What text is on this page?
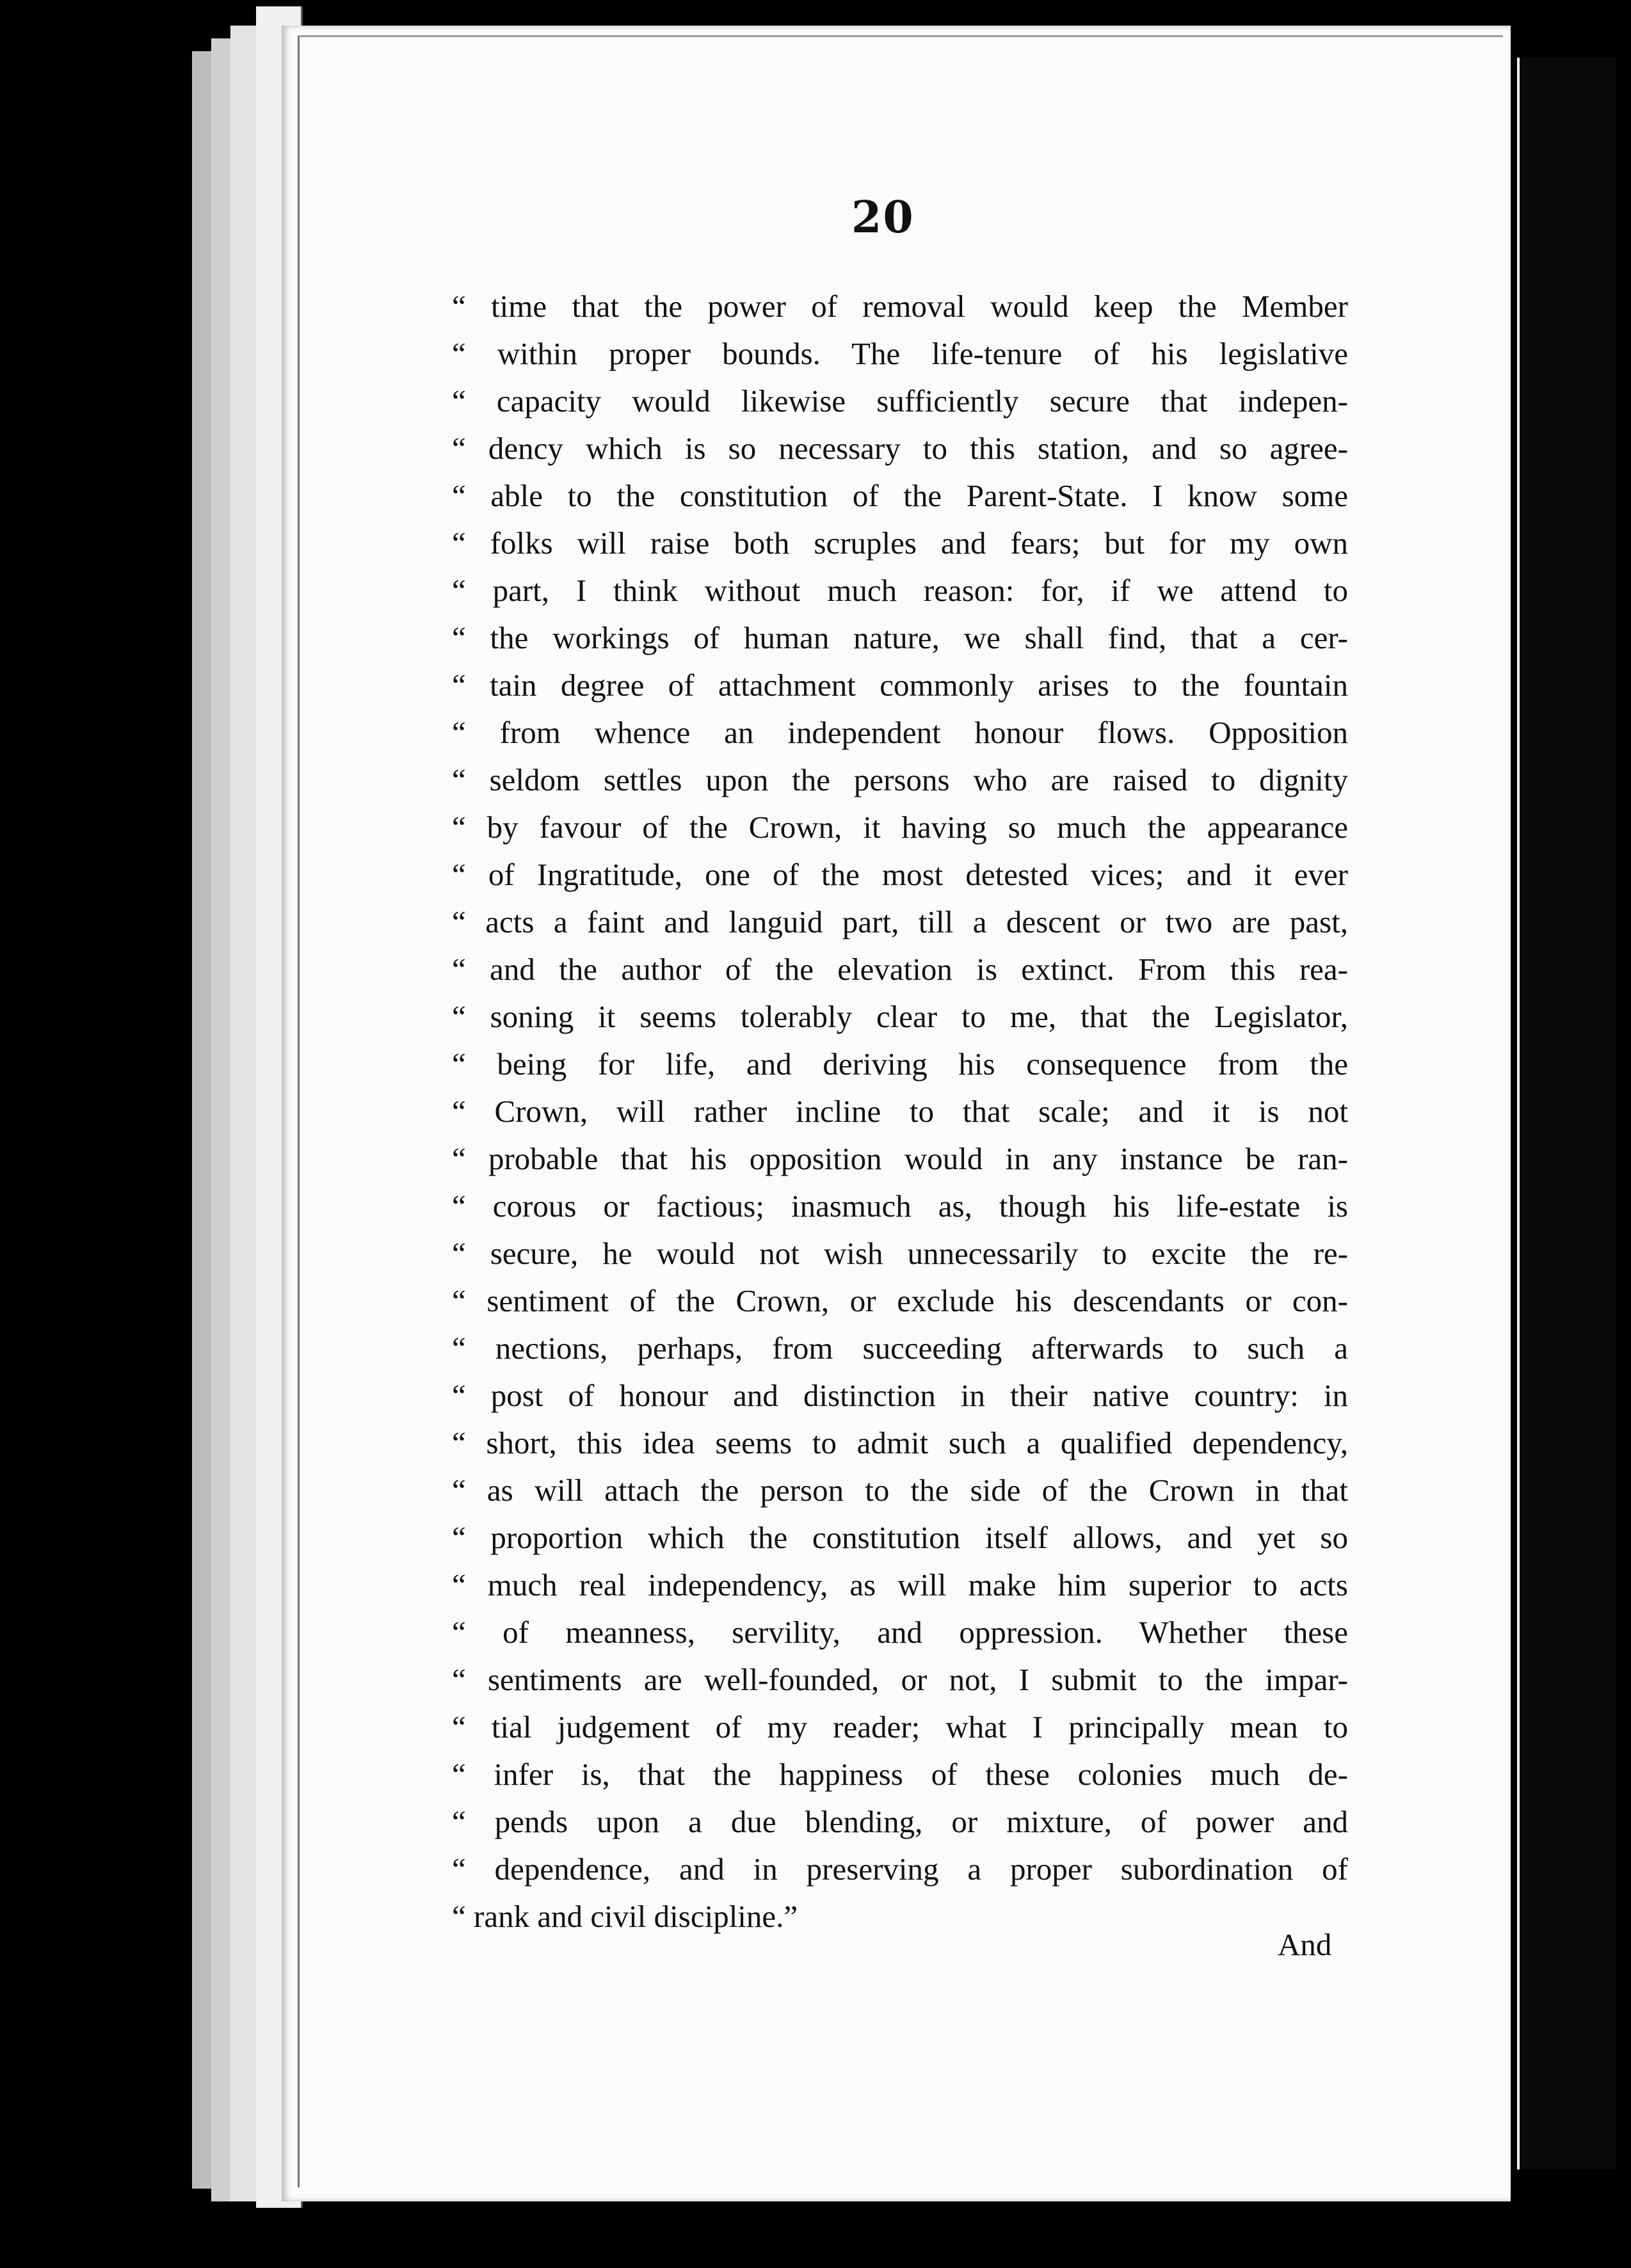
20
“ time that the power of removal would keep the Member
“ within proper bounds. The life-tenure of his legislative
“ capacity would likewise sufficiently secure that indepen-
“ dency which is so necessary to this station, and so agree-
“ able to the constitution of the Parent-State. I know some
“ folks will raise both scruples and fears; but for my own
“ part, I think without much reason: for, if we attend to
“ the workings of human nature, we shall find, that a cer-
“ tain degree of attachment commonly arises to the fountain
“ from whence an independent honour flows. Opposition
“ seldom settles upon the persons who are raised to dignity
“ by favour of the Crown, it having so much the appearance
“ of Ingratitude, one of the most detested vices; and it ever
“ acts a faint and languid part, till a descent or two are past,
“ and the author of the elevation is extinct. From this rea-
“ soning it seems tolerably clear to me, that the Legislator,
“ being for life, and deriving his consequence from the
“ Crown, will rather incline to that scale; and it is not
“ probable that his opposition would in any instance be ran-
“ corous or factious; inasmuch as, though his life-estate is
“ secure, he would not wish unnecessarily to excite the re-
“ sentiment of the Crown, or exclude his descendants or con-
“ nections, perhaps, from succeeding afterwards to such a
“ post of honour and distinction in their native country: in
“ short, this idea seems to admit such a qualified dependency,
“ as will attach the person to the side of the Crown in that
“ proportion which the constitution itself allows, and yet so
“ much real independency, as will make him superior to acts
“ of meanness, servility, and oppression. Whether these
“ sentiments are well-founded, or not, I submit to the impar-
“ tial judgement of my reader; what I principally mean to
“ infer is, that the happiness of these colonies much de-
“ pends upon a due blending, or mixture, of power and
“ dependence, and in preserving a proper subordination of
“ rank and civil discipline.”
And
